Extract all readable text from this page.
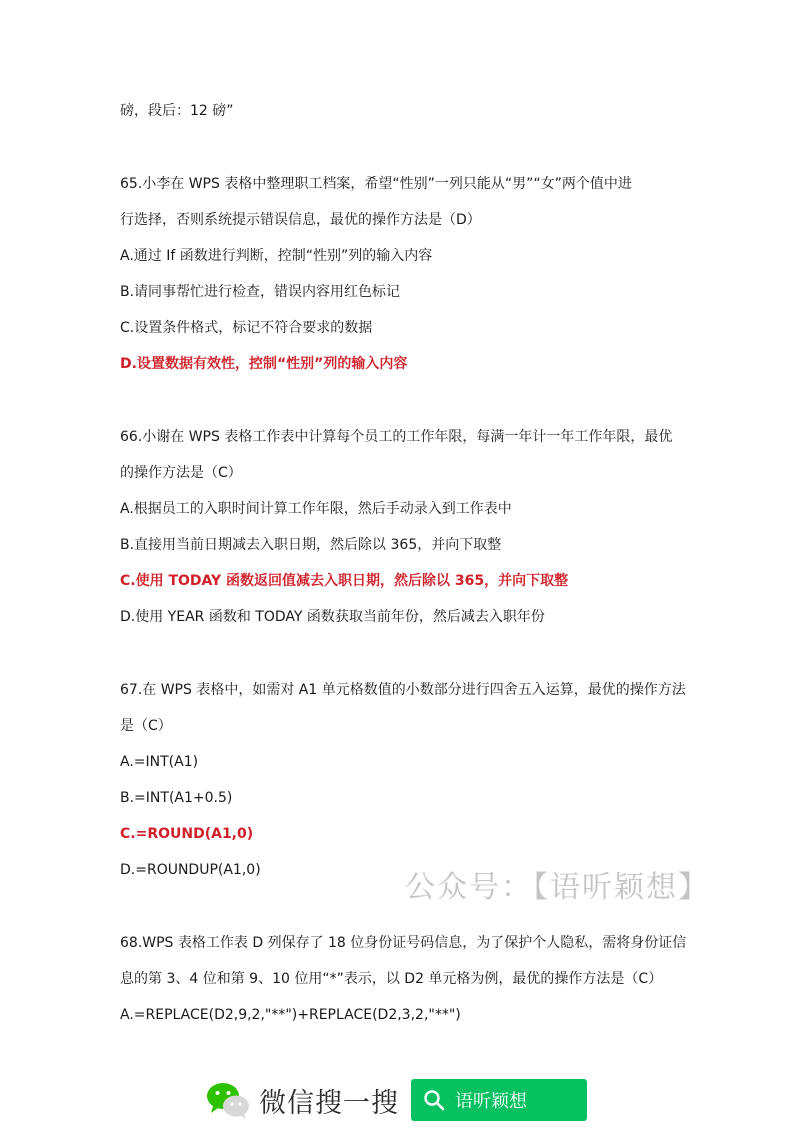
磅，段后：12 磅”
65.小李在 WPS 表格中整理职工档案，希望“性别”一列只能从“男”“女”两个值中进
行选择，否则系统提示错误信息，最优的操作方法是（D）
A.通过 If 函数进行判断，控制“性别”列的输入内容
B.请同事帮忙进行检查，错误内容用红色标记
C.设置条件格式，标记不符合要求的数据
D.设置数据有效性，控制“性别”列的输入内容
66.小谢在 WPS 表格工作表中计算每个员工的工作年限，每满一年计一年工作年限，最优
的操作方法是（C）
A.根据员工的入职时间计算工作年限，然后手动录入到工作表中
B.直接用当前日期减去入职日期，然后除以 365，并向下取整
C.使用 TODAY 函数返回值减去入职日期，然后除以 365，并向下取整
D.使用 YEAR 函数和 TODAY 函数获取当前年份，然后减去入职年份
67.在 WPS 表格中，如需对 A1 单元格数值的小数部分进行四舍五入运算，最优的操作方法
是（C）
A.=INT(A1)
B.=INT(A1+0.5)
C.=ROUND(A1,0)
D.=ROUNDUP(A1,0)
68.WPS 表格工作表 D 列保存了 18 位身份证号码信息，为了保护个人隐私，需将身份证信
息的第 3、4 位和第 9、10 位用“*”表示，以 D2 单元格为例，最优的操作方法是（C）
A.=REPLACE(D2,9,2,"**")+REPLACE(D2,3,2,"**")
公众号：【语听颖想】
微信搜一搜	语听颖想
